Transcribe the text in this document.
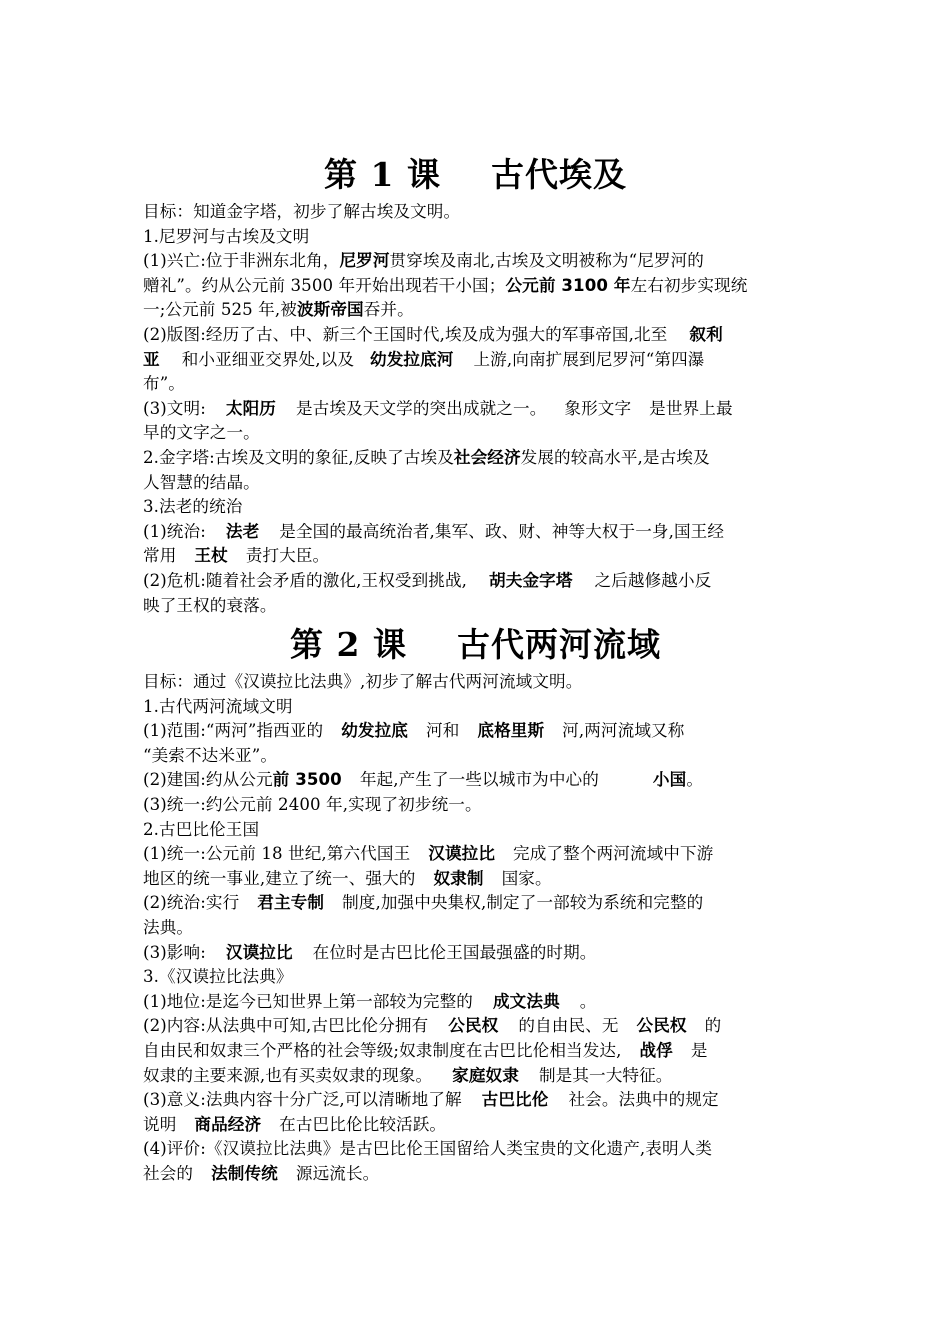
第 1 课    古代埃及
目标：知道金字塔，初步了解古埃及文明。
1.尼罗河与古埃及文明
(1)兴亡:位于非洲东北角，尼罗河贯穿埃及南北,古埃及文明被称为“尼罗河的
赠礼”。约从公元前 3500 年开始出现若干小国；公元前 3100 年左右初步实现统
一;公元前 525 年,被波斯帝国吞并。
(2)版图:经历了古、中、新三个王国时代,埃及成为强大的军事帝国,北至 叙利
亚 和小亚细亚交界处,以及 幼发拉底河 上游,向南扩展到尼罗河“第四瀑
布”。
(3)文明: 太阳历 是古埃及天文学的突出成就之一。 象形文字 是世界上最
早的文字之一。
2.金字塔:古埃及文明的象征,反映了古埃及社会经济发展的较高水平,是古埃及
人智慧的结晶。
3.法老的统治
(1)统治: 法老 是全国的最高统治者,集军、政、财、神等大权于一身,国王经
常用 王杖 责打大臣。
(2)危机:随着社会矛盾的激化,王权受到挑战, 胡夫金字塔 之后越修越小反
映了王权的衰落。
第 2 课    古代两河流域
目标：通过《汉谟拉比法典》,初步了解古代两河流域文明。
1.古代两河流域文明
(1)范围:“两河”指西亚的 幼发拉底 河和 底格里斯 河,两河流域又称
“美索不达米亚”。
(2)建国:约从公元前 3500 年起,产生了一些以城市为中心的	小国。
(3)统一:约公元前 2400 年,实现了初步统一。
2.古巴比伦王国
(1)统一:公元前 18 世纪,第六代国王 汉谟拉比 完成了整个两河流域中下游
地区的统一事业,建立了统一、强大的 奴隶制 国家。
(2)统治:实行 君主专制 制度,加强中央集权,制定了一部较为系统和完整的
法典。
(3)影响: 汉谟拉比 在位时是古巴比伦王国最强盛的时期。
3.《汉谟拉比法典》
(1)地位:是迄今已知世界上第一部较为完整的 成文法典 。
(2)内容:从法典中可知,古巴比伦分拥有 公民权 的自由民、无 公民权 的
自由民和奴隶三个严格的社会等级;奴隶制度在古巴比伦相当发达, 战俘 是
奴隶的主要来源,也有买卖奴隶的现象。 家庭奴隶 制是其一大特征。
(3)意义:法典内容十分广泛,可以清晰地了解 古巴比伦 社会。法典中的规定
说明 商品经济 在古巴比伦比较活跃。
(4)评价:《汉谟拉比法典》是古巴比伦王国留给人类宝贵的文化遗产,表明人类
社会的 法制传统 源远流长。
